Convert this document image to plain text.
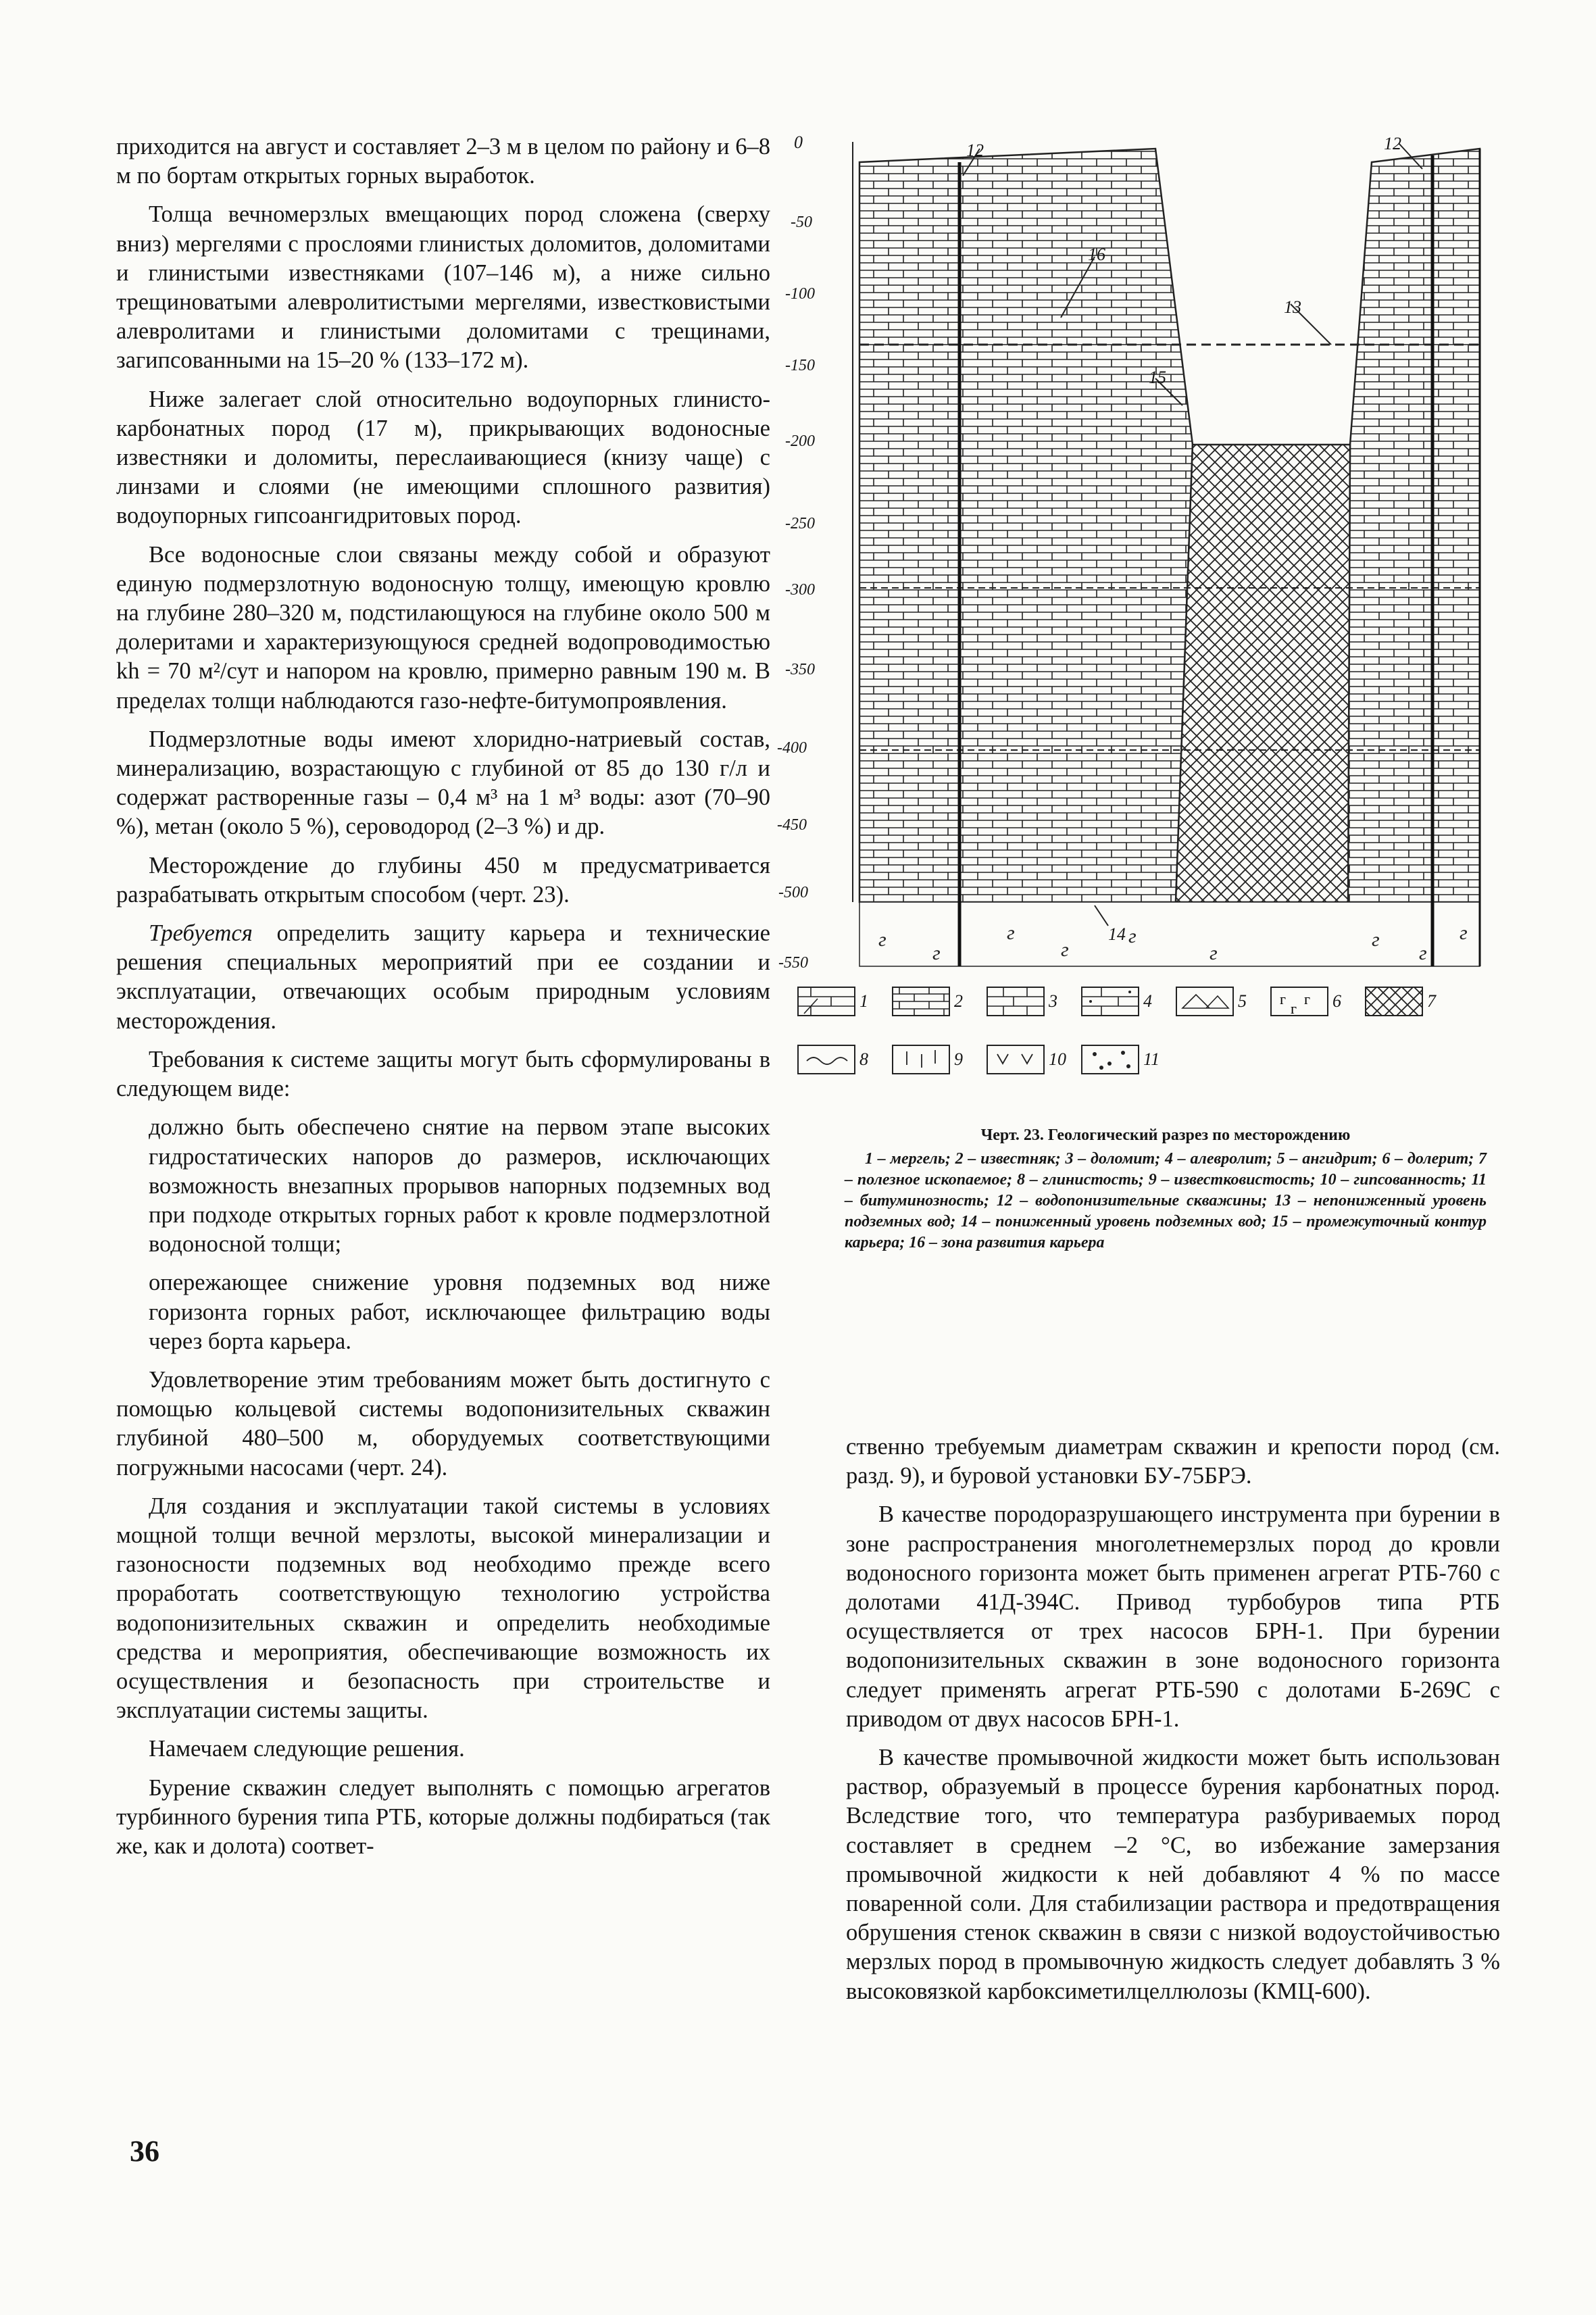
приходится на август и составляет 2–3 м в целом по району и 6–8 м по бортам открытых горных выработок.

Толща вечномерзлых вмещающих пород сложена (сверху вниз) мергелями с прослоями глинистых доломитов, доломитами и глинистыми известняками (107–146 м), а ниже сильно трещиноватыми алевролитистыми мергелями, известковистыми алевролитами и глинистыми доломитами с трещинами, загипсованными на 15–20 % (133–172 м).

Ниже залегает слой относительно водоупорных глинисто-карбонатных пород (17 м), прикрывающих водоносные известняки и доломиты, переслаивающиеся (книзу чаще) с линзами и слоями (не имеющими сплошного развития) водоупорных гипсоангидритовых пород.

Все водоносные слои связаны между собой и образуют единую подмерзлотную водоносную толщу, имеющую кровлю на глубине 280–320 м, подстилающуюся на глубине около 500 м долеритами и характеризующуюся средней водопроводимостью kh = 70 м²/сут и напором на кровлю, примерно равным 190 м. В пределах толщи наблюдаются газо-нефте-битумопроявления.

Подмерзлотные воды имеют хлоридно-натриевый состав, минерализацию, возрастающую с глубиной от 85 до 130 г/л и содержат растворенные газы – 0,4 м³ на 1 м³ воды: азот (70–90 %), метан (около 5 %), сероводород (2–3 %) и др.

Месторождение до глубины 450 м предусматривается разрабатывать открытым способом (черт. 23).

Требуется определить защиту карьера и технические решения специальных мероприятий при ее создании и эксплуатации, отвечающих особым природным условиям месторождения.

Требования к системе защиты могут быть сформулированы в следующем виде:

должно быть обеспечено снятие на первом этапе высоких гидростатических напоров до размеров, исключающих возможность внезапных прорывов напорных подземных вод при подходе открытых горных работ к кровле подмерзлотной водоносной толщи;

опережающее снижение уровня подземных вод ниже горизонта горных работ, исключающее фильтрацию воды через борта карьера.

Удовлетворение этим требованиям может быть достигнуто с помощью кольцевой системы водопонизительных скважин глубиной 480–500 м, оборудуемых соответствующими погружными насосами (черт. 24).

Для создания и эксплуатации такой системы в условиях мощной толщи вечной мерзлоты, высокой минерализации и газоносности подземных вод необходимо прежде всего проработать соответствующую технологию устройства водопонизительных скважин и определить необходимые средства и мероприятия, обеспечивающие возможность их осуществления и безопасность при строительстве и эксплуатации системы защиты.

Намечаем следующие решения.

Бурение скважин следует выполнять с помощью агрегатов турбинного бурения типа РТБ, которые должны подбираться (так же, как и долота) соответ-

г
г
г
г
г
г
г
г
г
0
-50
-100
-150
-200
-250
-300
-350
-400
-450
-500
-550
12	12
16
13
15
14
1	2	3	4	5 г г
г 6	7
8	9	10	11
Черт. 23. Геологический разрез по месторождению
1 – мергель; 2 – известняк; 3 – доломит; 4 – алевролит; 5 – ангидрит; 6 – долерит; 7 – полезное ископаемое; 8 – глинистость; 9 – известковистость; 10 – гипсованность; 11 – битуминозность; 12 – водопонизительные скважины; 13 – непониженный уровень подземных вод; 14 – пониженный уровень подземных вод; 15 – промежуточный контур карьера; 16 – зона развития карьера

ственно требуемым диаметрам скважин и крепости пород (см. разд. 9), и буровой установки БУ-75БРЭ.

В качестве породоразрушающего инструмента при бурении в зоне распространения многолетнемерзлых пород до кровли водоносного горизонта может быть применен агрегат РТБ-760 с долотами 41Д-394С. Привод турбобуров типа РТБ осуществляется от трех насосов БРН-1. При бурении водопонизительных скважин в зоне водоносного горизонта следует применять агрегат РТБ-590 с долотами Б-269С с приводом от двух насосов БРН-1.

В качестве промывочной жидкости может быть использован раствор, образуемый в процессе бурения карбонатных пород. Вследствие того, что температура разбуриваемых пород составляет в среднем –2 °С, во избежание замерзания промывочной жидкости к ней добавляют 4 % по массе поваренной соли. Для стабилизации раствора и предотвращения обрушения стенок скважин в связи с низкой водоустойчивостью мерзлых пород в промывочную жидкость следует добавлять 3 % высоковязкой карбоксиметилцеллюлозы (КМЦ-600).

36
